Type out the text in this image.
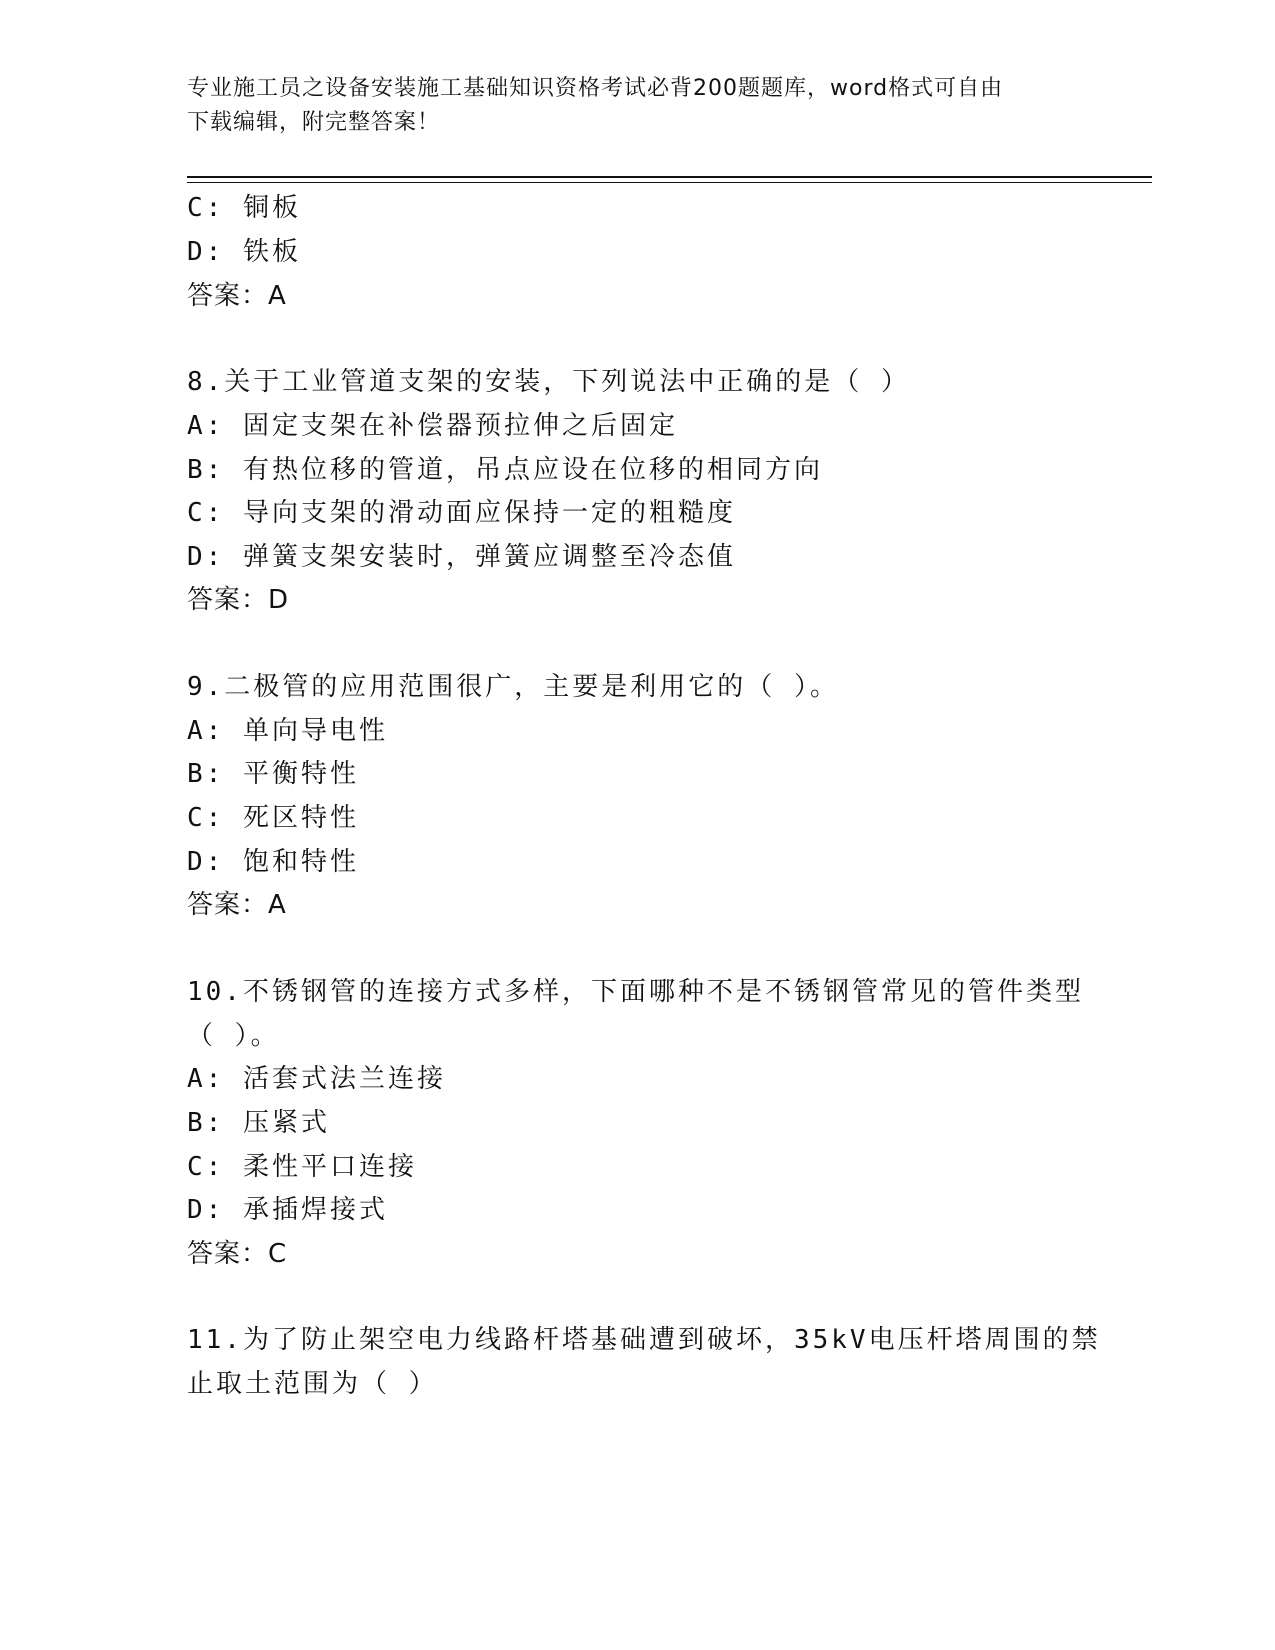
专业施工员之设备安装施工基础知识资格考试必背200题题库，word格式可自由
下载编辑，附完整答案！
C: 铜板
D: 铁板
答案：A
8.关于工业管道支架的安装，下列说法中正确的是（ ）
A: 固定支架在补偿器预拉伸之后固定
B: 有热位移的管道，吊点应设在位移的相同方向
C: 导向支架的滑动面应保持一定的粗糙度
D: 弹簧支架安装时，弹簧应调整至冷态值
答案：D
9.二极管的应用范围很广，主要是利用它的（ ）。
A: 单向导电性
B: 平衡特性
C: 死区特性
D: 饱和特性
答案：A
10.不锈钢管的连接方式多样，下面哪种不是不锈钢管常见的管件类型
（ ）。
A: 活套式法兰连接
B: 压紧式
C: 柔性平口连接
D: 承插焊接式
答案：C
11.为了防止架空电力线路杆塔基础遭到破坏，35kV电压杆塔周围的禁
止取土范围为（ ）
